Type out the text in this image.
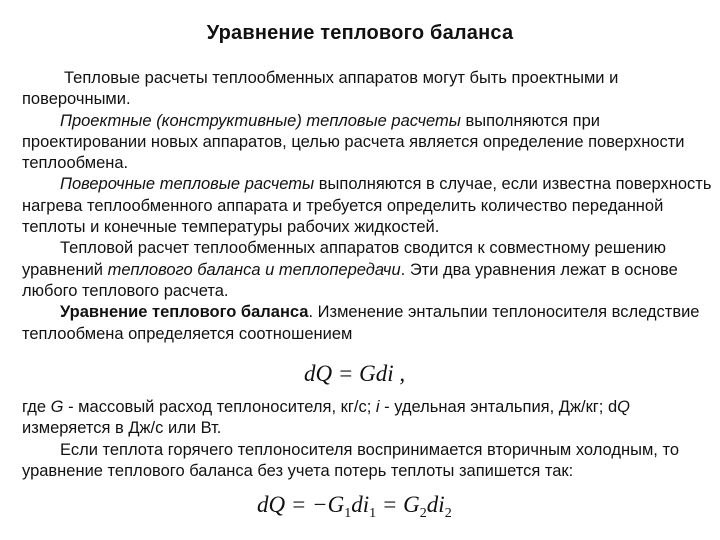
Уравнение теплового баланса

Тепловые расчеты теплообменных аппаратов могут быть проектными и поверочными.

Проектные (конструктивные) тепловые расчеты выполняются при проектировании новых аппаратов, целью расчета является определение поверхности теплообмена.

Поверочные тепловые расчеты выполняются в случае, если известна поверхность нагрева теплообменного аппарата и требуется определить количество переданной теплоты и конечные температуры рабочих жидкостей.

Тепловой расчет теплообменных аппаратов сводится к совместному решению уравнений теплового баланса и теплопередачи. Эти два уравнения лежат в основе любого теплового расчета.

Уравнение теплового баланса. Изменение энтальпии теплоносителя вследствие теплообмена определяется соотношением

dQ = Gdi ,

где G - массовый расход теплоносителя, кг/с; i - удельная энтальпия, Дж/кг; dQ измеряется в Дж/с или Вт.

Если теплота горячего теплоносителя воспринимается вторичным холодным, то уравнение теплового баланса без учета потерь теплоты запишется так:

dQ = $-G_1di_1 = G_2di_2$
